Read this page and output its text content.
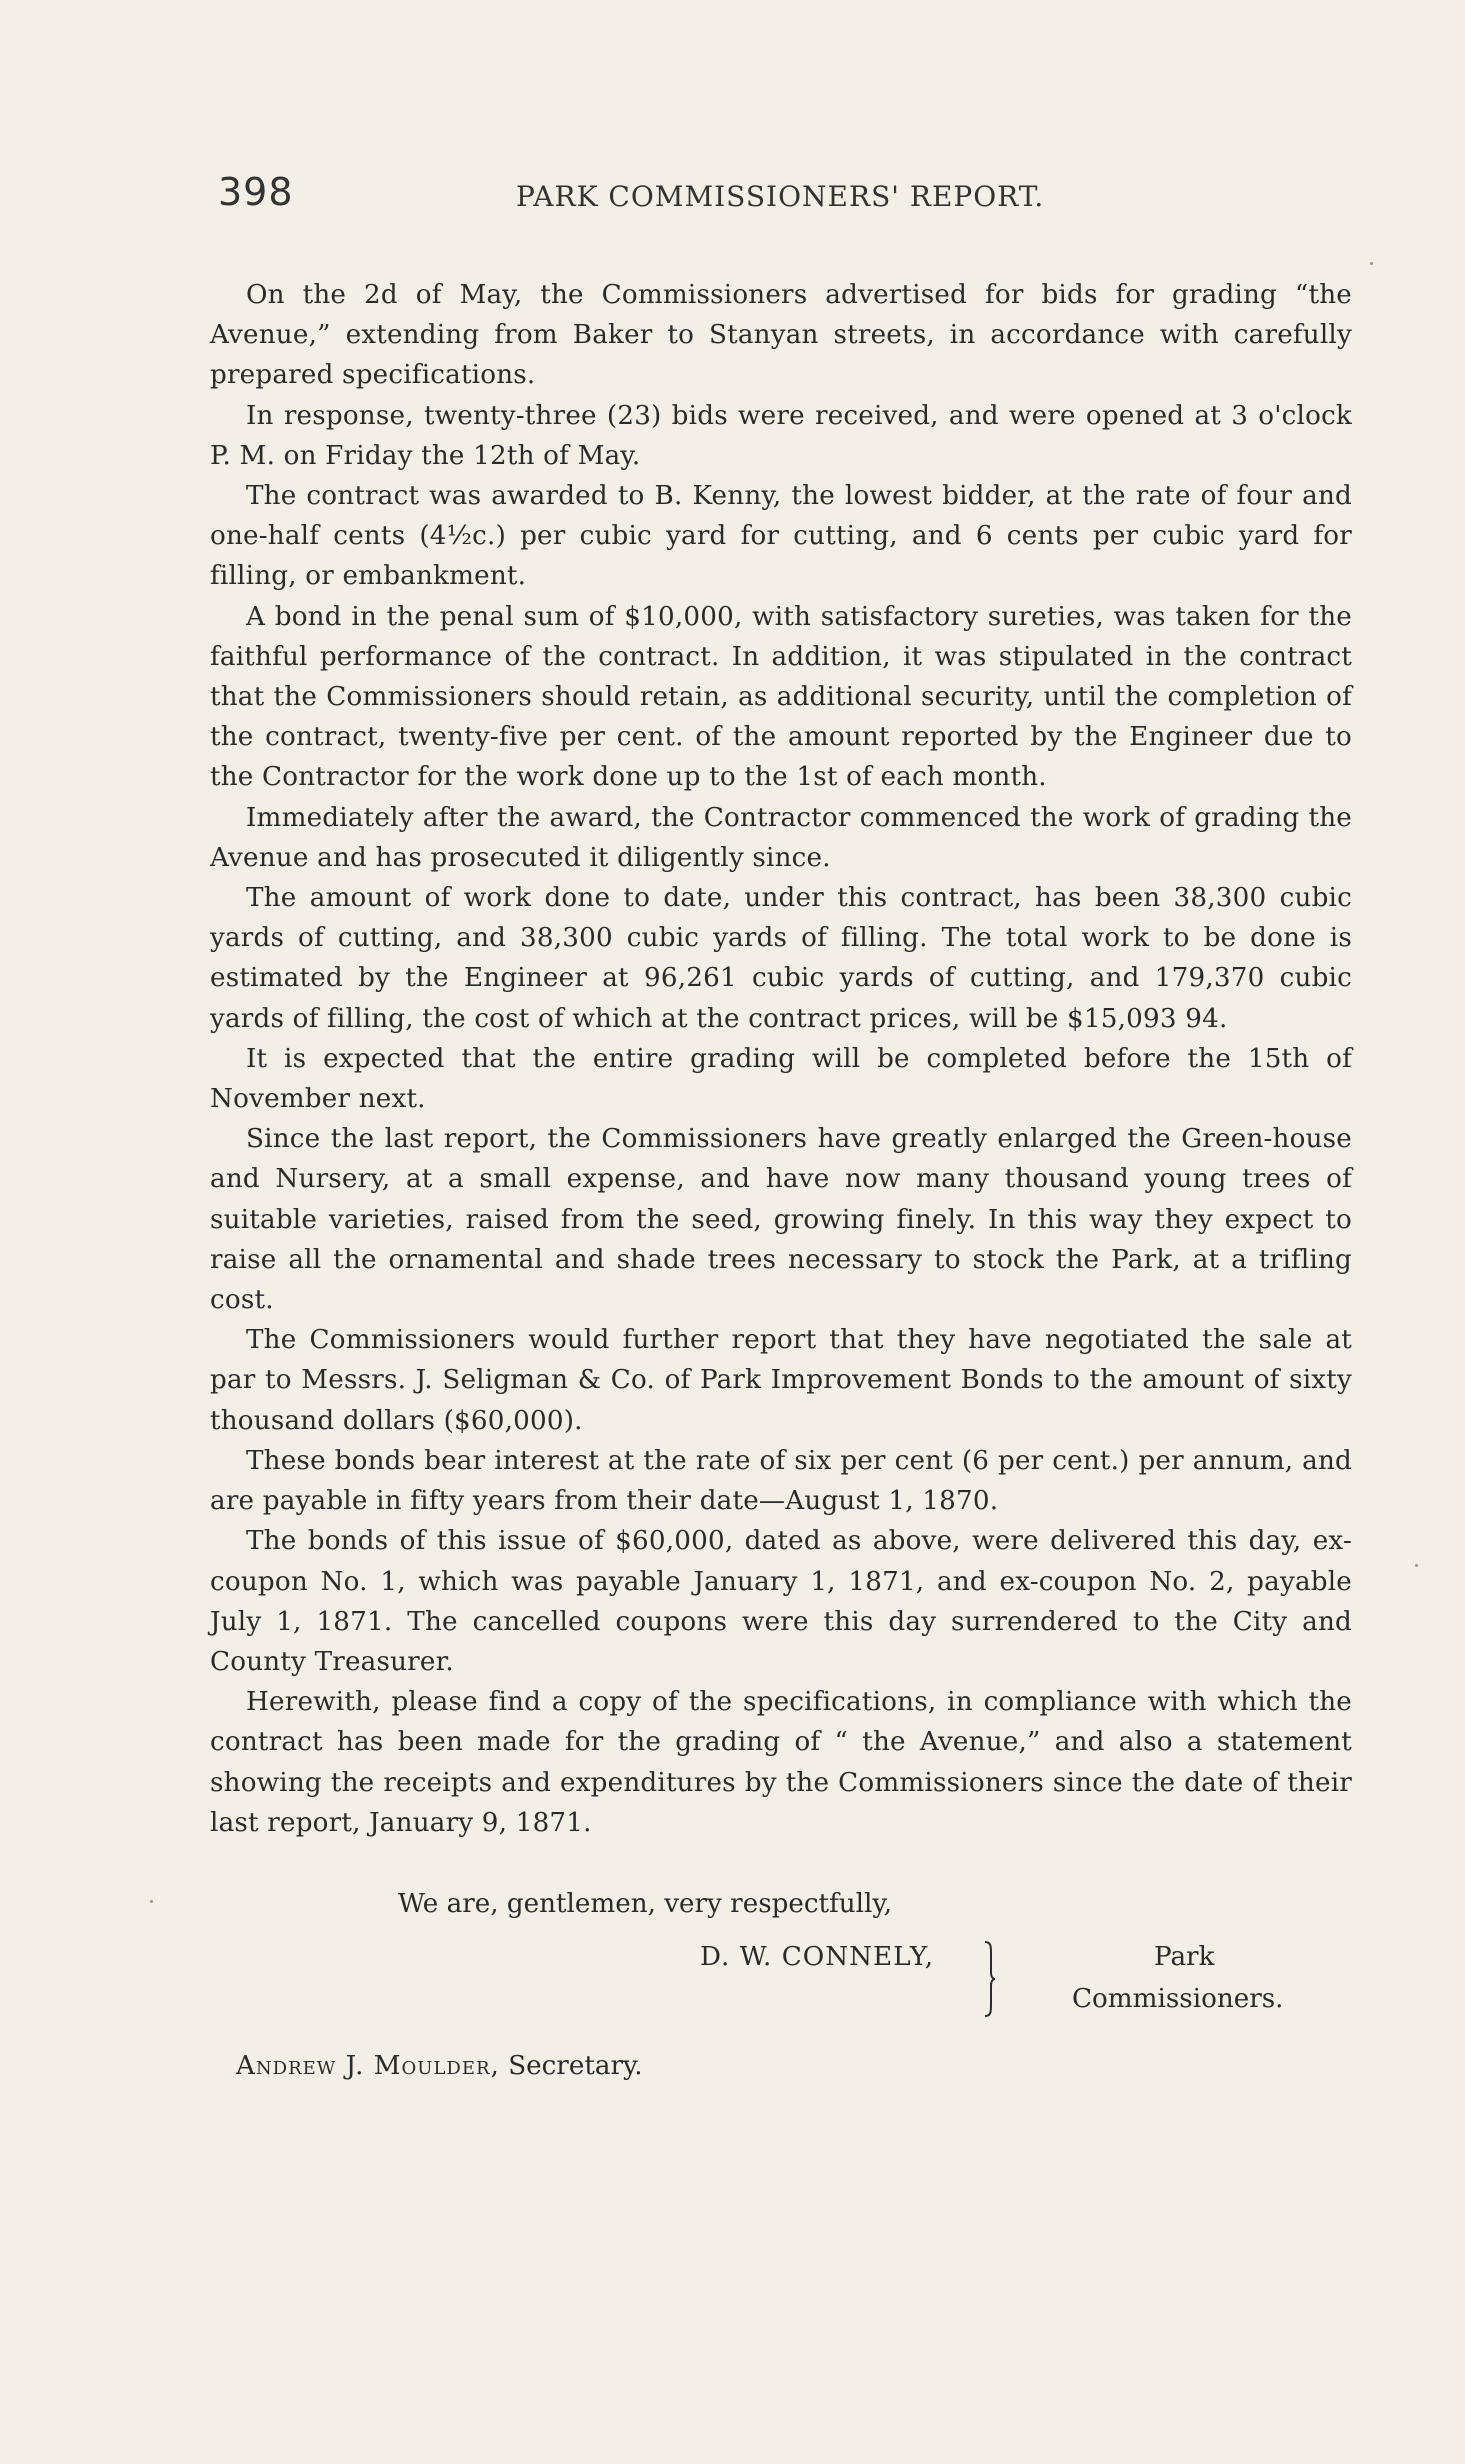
398	PARK COMMISSIONERS' REPORT.

On the 2d of May, the Commissioners advertised for bids for grading “the Avenue,” extending from Baker to Stanyan streets, in accordance with carefully prepared specifications.

In response, twenty-three (23) bids were received, and were opened at 3 o'clock P. M. on Friday the 12th of May.

The contract was awarded to B. Kenny, the lowest bidder, at the rate of four and one-half cents (4½c.) per cubic yard for cutting, and 6 cents per cubic yard for filling, or embankment.

A bond in the penal sum of $10,000, with satisfactory sureties, was taken for the faithful performance of the contract. In addition, it was stipulated in the contract that the Commissioners should retain, as additional security, until the completion of the contract, twenty-five per cent. of the amount reported by the Engineer due to the Contractor for the work done up to the 1st of each month.

Immediately after the award, the Contractor commenced the work of grading the Avenue and has prosecuted it diligently since.

The amount of work done to date, under this contract, has been 38,300 cubic yards of cutting, and 38,300 cubic yards of filling. The total work to be done is estimated by the Engineer at 96,261 cubic yards of cutting, and 179,370 cubic yards of filling, the cost of which at the contract prices, will be $15,093 94.

It is expected that the entire grading will be completed before the 15th of November next.

Since the last report, the Commissioners have greatly enlarged the Green-house and Nursery, at a small expense, and have now many thousand young trees of suitable varieties, raised from the seed, growing finely. In this way they expect to raise all the ornamental and shade trees necessary to stock the Park, at a trifling cost.

The Commissioners would further report that they have negotiated the sale at par to Messrs. J. Seligman & Co. of Park Improvement Bonds to the amount of sixty thousand dollars ($60,000).

These bonds bear interest at the rate of six per cent (6 per cent.) per annum, and are payable in fifty years from their date—August 1, 1870.

The bonds of this issue of $60,000, dated as above, were delivered this day, ex-coupon No. 1, which was payable January 1, 1871, and ex-coupon No. 2, payable July 1, 1871. The cancelled coupons were this day surrendered to the City and County Treasurer.

Herewith, please find a copy of the specifications, in compliance with which the contract has been made for the grading of “ the Avenue,” and also a statement showing the receipts and expenditures by the Commissioners since the date of their last report, January 9, 1871.

We are, gentlemen, very respectfully,
D. W. CONNELY,	Park
Commissioners.
Andrew J. Moulder, Secretary.
